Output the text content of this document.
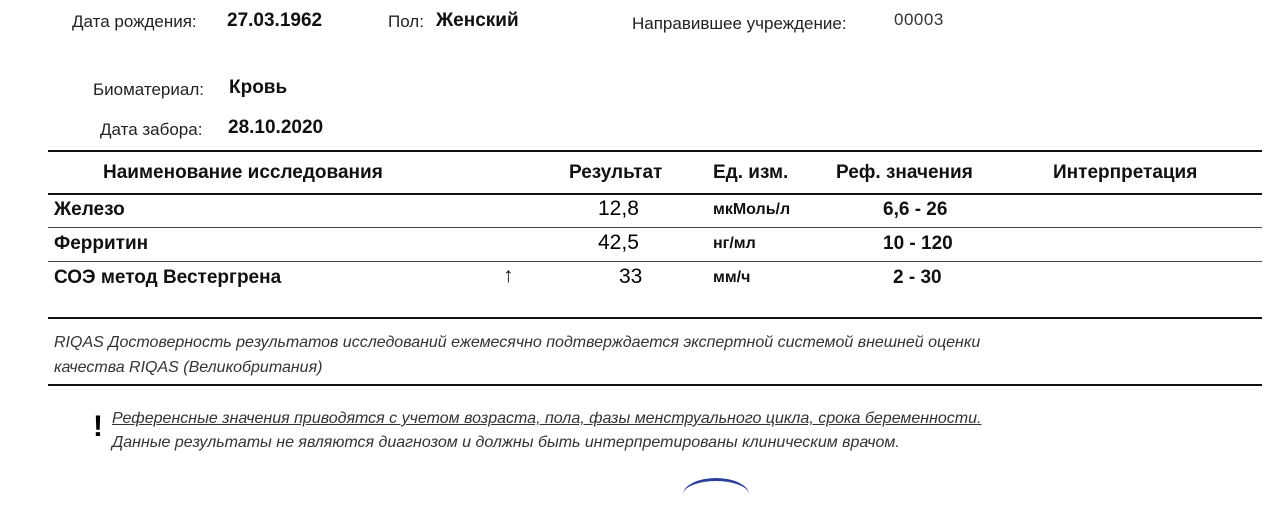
Дата рождения: 27.03.1962	Пол: Женский	Направившее учреждение:	00003
Биоматериал: Кровь
Дата забора: 28.10.2020
Наименование исследования	Результат	Ед. изм.	Реф. значения	Интерпретация
Железо	12,8	мкМоль/л	6,6 - 26
Ферритин	42,5	нг/мл	10 - 120
СОЭ метод Вестергрена	↑	33	мм/ч	2 - 30
RIQAS Достоверность результатов исследований ежемесячно подтверждается экспертной системой внешней оценки
качества RIQAS (Великобритания)
! Референсные значения приводятся с учетом возраста, пола, фазы менструального цикла, срока беременности.
Данные результаты не являются диагнозом и должны быть интерпретированы клиническим врачом.
